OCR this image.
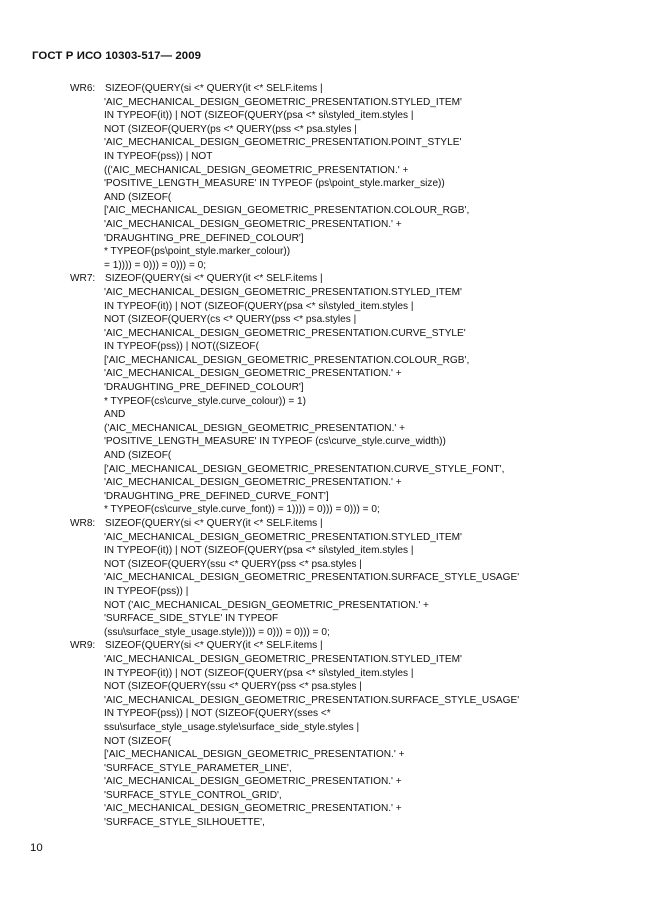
ГОСТ Р ИСО 10303-517— 2009
WR6: SIZEOF(QUERY(si <* QUERY(it <* SELF.items |
'AIC_MECHANICAL_DESIGN_GEOMETRIC_PRESENTATION.STYLED_ITEM'
IN TYPEOF(it)) | NOT (SIZEOF(QUERY(psa <* si\styled_item.styles |
NOT (SIZEOF(QUERY(ps <* QUERY(pss <* psa.styles |
'AIC_MECHANICAL_DESIGN_GEOMETRIC_PRESENTATION.POINT_STYLE'
IN TYPEOF(pss)) | NOT
(('AIC_MECHANICAL_DESIGN_GEOMETRIC_PRESENTATION.' +
'POSITIVE_LENGTH_MEASURE' IN TYPEOF (ps\point_style.marker_size))
AND (SIZEOF(
['AIC_MECHANICAL_DESIGN_GEOMETRIC_PRESENTATION.COLOUR_RGB',
'AIC_MECHANICAL_DESIGN_GEOMETRIC_PRESENTATION.' +
'DRAUGHTING_PRE_DEFINED_COLOUR']
* TYPEOF(ps\point_style.marker_colour))
= 1)))) = 0))) = 0))) = 0;
WR7: SIZEOF(QUERY(si <* QUERY(it <* SELF.items |
'AIC_MECHANICAL_DESIGN_GEOMETRIC_PRESENTATION.STYLED_ITEM'
IN TYPEOF(it)) | NOT (SIZEOF(QUERY(psa <* si\styled_item.styles |
NOT (SIZEOF(QUERY(cs <* QUERY(pss <* psa.styles |
'AIC_MECHANICAL_DESIGN_GEOMETRIC_PRESENTATION.CURVE_STYLE'
IN TYPEOF(pss)) | NOT((SIZEOF(
['AIC_MECHANICAL_DESIGN_GEOMETRIC_PRESENTATION.COLOUR_RGB',
'AIC_MECHANICAL_DESIGN_GEOMETRIC_PRESENTATION.' +
'DRAUGHTING_PRE_DEFINED_COLOUR']
* TYPEOF(cs\curve_style.curve_colour)) = 1)
AND
('AIC_MECHANICAL_DESIGN_GEOMETRIC_PRESENTATION.' +
'POSITIVE_LENGTH_MEASURE' IN TYPEOF (cs\curve_style.curve_width))
AND (SIZEOF(
['AIC_MECHANICAL_DESIGN_GEOMETRIC_PRESENTATION.CURVE_STYLE_FONT',
'AIC_MECHANICAL_DESIGN_GEOMETRIC_PRESENTATION.' +
'DRAUGHTING_PRE_DEFINED_CURVE_FONT']
* TYPEOF(cs\curve_style.curve_font)) = 1)))) = 0))) = 0))) = 0;
WR8: SIZEOF(QUERY(si <* QUERY(it <* SELF.items |
'AIC_MECHANICAL_DESIGN_GEOMETRIC_PRESENTATION.STYLED_ITEM'
IN TYPEOF(it)) | NOT (SIZEOF(QUERY(psa <* si\styled_item.styles |
NOT (SIZEOF(QUERY(ssu <* QUERY(pss <* psa.styles |
'AIC_MECHANICAL_DESIGN_GEOMETRIC_PRESENTATION.SURFACE_STYLE_USAGE'
IN TYPEOF(pss)) |
NOT ('AIC_MECHANICAL_DESIGN_GEOMETRIC_PRESENTATION.' +
'SURFACE_SIDE_STYLE' IN TYPEOF
(ssu\surface_style_usage.style)))) = 0))) = 0))) = 0;
WR9: SIZEOF(QUERY(si <* QUERY(it <* SELF.items |
'AIC_MECHANICAL_DESIGN_GEOMETRIC_PRESENTATION.STYLED_ITEM'
IN TYPEOF(it)) | NOT (SIZEOF(QUERY(psa <* si\styled_item.styles |
NOT (SIZEOF(QUERY(ssu <* QUERY(pss <* psa.styles |
'AIC_MECHANICAL_DESIGN_GEOMETRIC_PRESENTATION.SURFACE_STYLE_USAGE'
IN TYPEOF(pss)) | NOT (SIZEOF(QUERY(sses <*
ssu\surface_style_usage.style\surface_side_style.styles |
NOT (SIZEOF(
['AIC_MECHANICAL_DESIGN_GEOMETRIC_PRESENTATION.' +
'SURFACE_STYLE_PARAMETER_LINE',
'AIC_MECHANICAL_DESIGN_GEOMETRIC_PRESENTATION.' +
'SURFACE_STYLE_CONTROL_GRID',
'AIC_MECHANICAL_DESIGN_GEOMETRIC_PRESENTATION.' +
'SURFACE_STYLE_SILHOUETTE',
10
